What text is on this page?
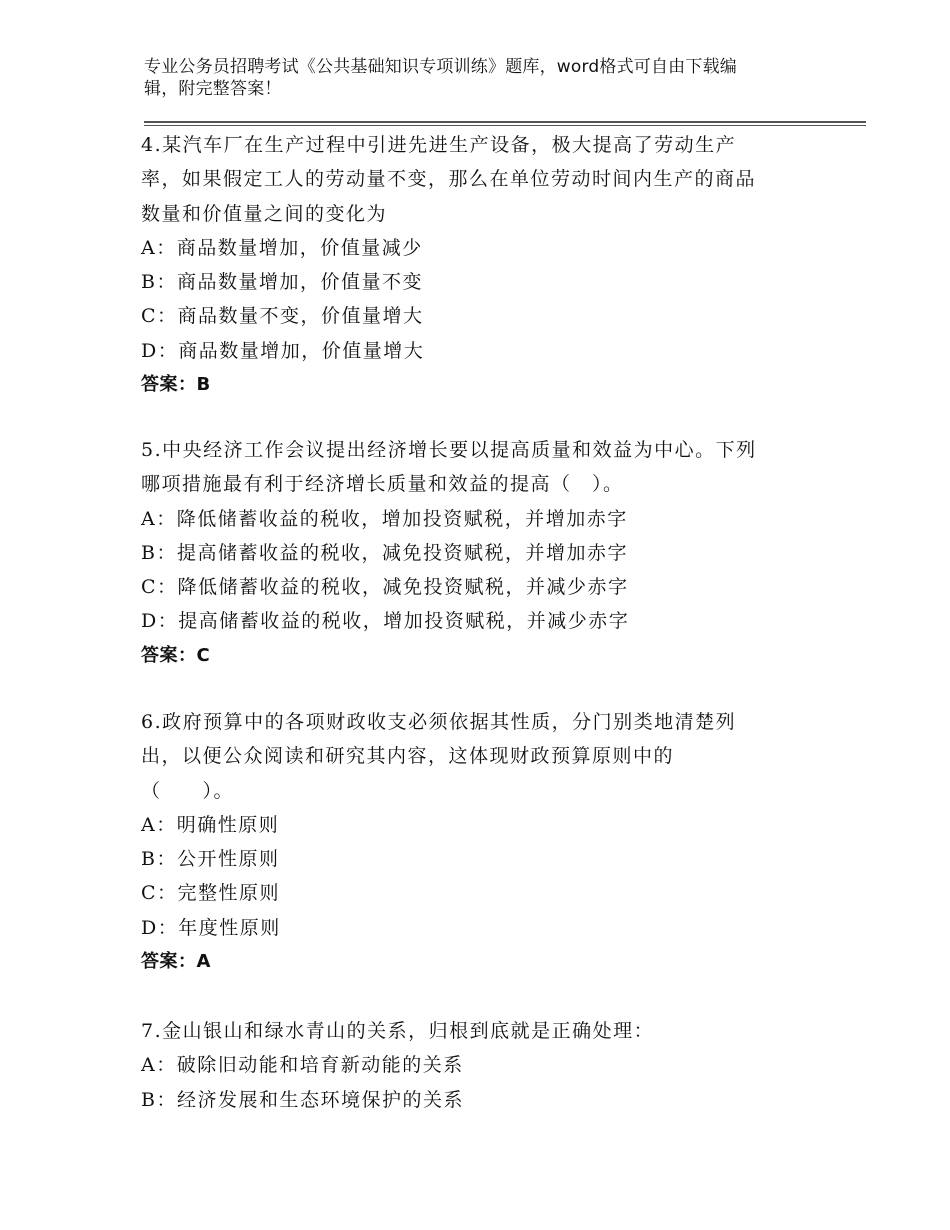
专业公务员招聘考试《公共基础知识专项训练》题库，word格式可自由下载编
辑，附完整答案！
4.某汽车厂在生产过程中引进先进生产设备，极大提高了劳动生产
率，如果假定工人的劳动量不变，那么在单位劳动时间内生产的商品
数量和价值量之间的变化为
A：商品数量增加，价值量减少
B：商品数量增加，价值量不变
C：商品数量不变，价值量增大
D：商品数量增加，价值量增大
答案：B
5.中央经济工作会议提出经济增长要以提高质量和效益为中心。下列
哪项措施最有利于经济增长质量和效益的提高（　）。
A：降低储蓄收益的税收，增加投资赋税，并增加赤字
B：提高储蓄收益的税收，减免投资赋税，并增加赤字
C：降低储蓄收益的税收，减免投资赋税，并减少赤字
D：提高储蓄收益的税收，增加投资赋税，并减少赤字
答案：C
6.政府预算中的各项财政收支必须依据其性质，分门别类地清楚列
出，以便公众阅读和研究其内容，这体现财政预算原则中的
（　　）。
A：明确性原则
B：公开性原则
C：完整性原则
D：年度性原则
答案：A
7.金山银山和绿水青山的关系，归根到底就是正确处理：
A：破除旧动能和培育新动能的关系
B：经济发展和生态环境保护的关系
